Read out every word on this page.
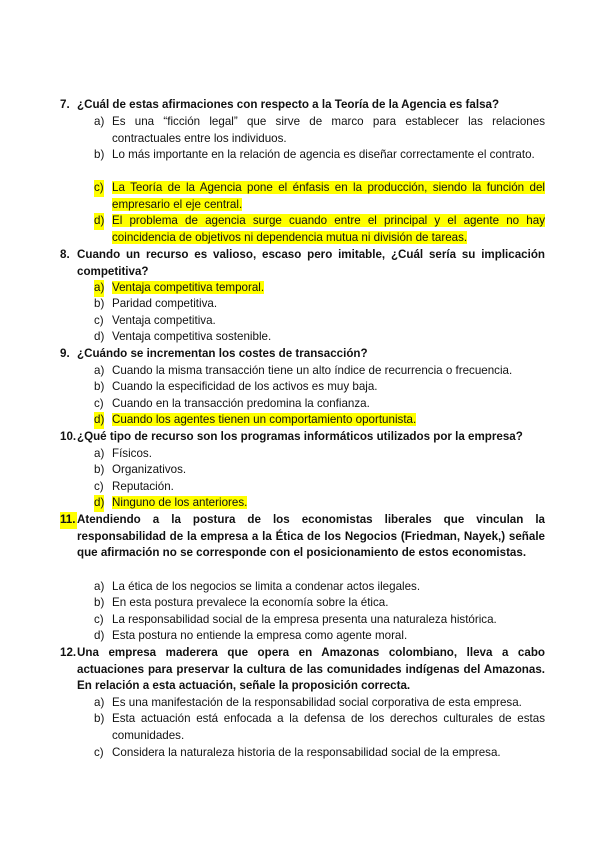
7. ¿Cuál de estas afirmaciones con respecto a la Teoría de la Agencia es falsa?
a) Es una “ficción legal” que sirve de marco para establecer las relaciones contractuales entre los individuos.
b) Lo más importante en la relación de agencia es diseñar correctamente el contrato.
c) La Teoría de la Agencia pone el énfasis en la producción, siendo la función del empresario el eje central.
d) El problema de agencia surge cuando entre el principal y el agente no hay coincidencia de objetivos ni dependencia mutua ni división de tareas.
8. Cuando un recurso es valioso, escaso pero imitable, ¿Cuál sería su implicación competitiva?
a) Ventaja competitiva temporal.
b) Paridad competitiva.
c) Ventaja competitiva.
d) Ventaja competitiva sostenible.
9. ¿Cuándo se incrementan los costes de transacción?
a) Cuando la misma transacción tiene un alto índice de recurrencia o frecuencia.
b) Cuando la especificidad de los activos es muy baja.
c) Cuando en la transacción predomina la confianza.
d) Cuando los agentes tienen un comportamiento oportunista.
10. ¿Qué tipo de recurso son los programas informáticos utilizados por la empresa?
a) Físicos.
b) Organizativos.
c) Reputación.
d) Ninguno de los anteriores.
11. Atendiendo a la postura de los economistas liberales que vinculan la responsabilidad de la empresa a la Ética de los Negocios (Friedman, Nayek,) señale que afirmación no se corresponde con el posicionamiento de estos economistas.
a) La ética de los negocios se limita a condenar actos ilegales.
b) En esta postura prevalece la economía sobre la ética.
c) La responsabilidad social de la empresa presenta una naturaleza histórica.
d) Esta postura no entiende la empresa como agente moral.
12. Una empresa maderera que opera en Amazonas colombiano, lleva a cabo actuaciones para preservar la cultura de las comunidades indígenas del Amazonas. En relación a esta actuación, señale la proposición correcta.
a) Es una manifestación de la responsabilidad social corporativa de esta empresa.
b) Esta actuación está enfocada a la defensa de los derechos culturales de estas comunidades.
c) Considera la naturaleza historia de la responsabilidad social de la empresa.
